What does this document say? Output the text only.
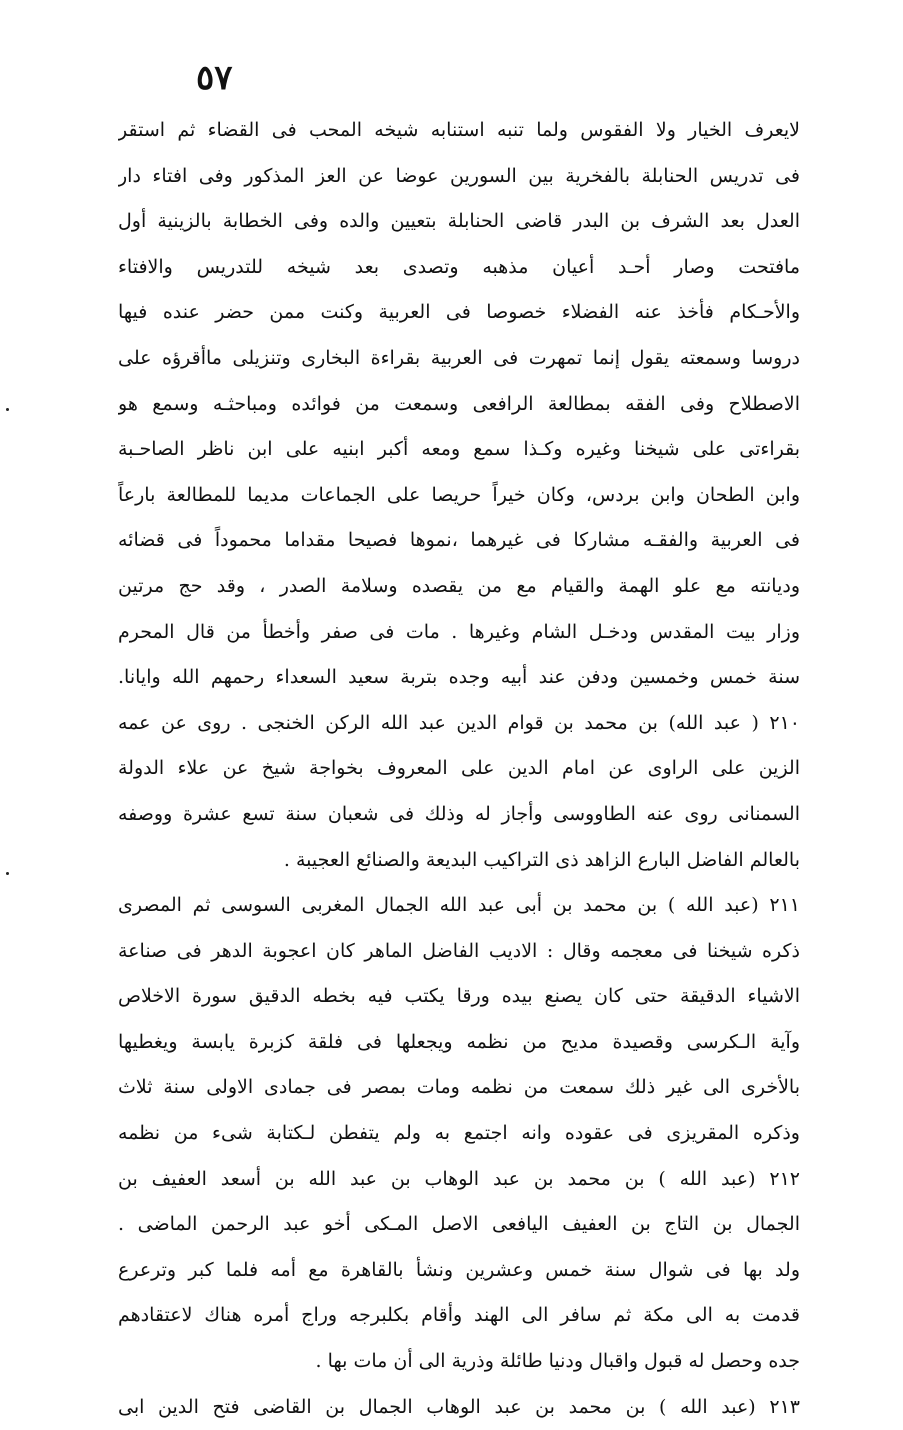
٥٧
لايعرف الخيار ولا الفقوس ولما تنبه استنابه شيخه المحب فى القضاء ثم استقر
فى تدريس الحنابلة بالفخرية بين السورين عوضا عن العز المذكور وفى افتاء دار
العدل بعد الشرف بن البدر قاضى الحنابلة بتعيين والده وفى الخطابة بالزينية أول
مافتحت وصار أحـد أعيان مذهبه وتصدى بعد شيخه للتدريس والافتاء
والأحـكام فأخذ عنه الفضلاء خصوصا فى العربية وكنت ممن حضر عنده فيها
دروسا وسمعته يقول إنما تمهرت فى العربية بقراءة البخارى وتنزيلى ماأقرؤه على
الاصطلاح وفى الفقه بمطالعة الرافعى وسمعت من فوائده ومباحثـه وسمع هو
بقراءتى على شيخنا وغيره وكـذا سمع ومعه أكبر ابنيه على ابن ناظر الصاحـبة
وابن الطحان وابن بردس، وكان خيراً حريصا على الجماعات مديما للمطالعة بارعاً
فى العربية والفقـه مشاركا فى غيرهما ،نموها فصيحا مقداما محموداً فى قضائه
وديانته مع علو الهمة والقيام مع من يقصده وسلامة الصدر ، وقد حج مرتين
وزار بيت المقدس ودخـل الشام وغيرها . مات فى صفر وأخطأ من قال المحرم
سنة خمس وخمسين ودفن عند أبيه وجده بتربة سعيد السعداء رحمهم الله وايانا.
٢١٠ ( عبد الله) بن محمد بن قوام الدين عبد الله الركن الخنجى . روى عن عمه
الزين على الراوى عن امام الدين على المعروف بخواجة شيخ عن علاء الدولة
السمنانى روى عنه الطاووسى وأجاز له وذلك فى شعبان سنة تسع عشرة ووصفه
بالعالم الفاضل البارع الزاهد ذى التراكيب البديعة والصنائع العجيبة .
٢١١ (عبد الله ) بن محمد بن أبى عبد الله الجمال المغربى السوسى ثم المصرى
ذكره شيخنا فى معجمه وقال : الاديب الفاضل الماهر كان اعجوبة الدهر فى صناعة
الاشياء الدقيقة حتى كان يصنع بيده ورقا يكتب فيه بخطه الدقيق سورة الاخلاص
وآية الـكرسى وقصيدة مديح من نظمه ويجعلها فى فلقة كزبرة يابسة ويغطيها
بالأخرى الى غير ذلك سمعت من نظمه ومات بمصر فى جمادى الاولى سنة ثلاث
وذكره المقريزى فى عقوده وانه اجتمع به ولم يتفطن لـكتابة شىء من نظمه
٢١٢ (عبد الله ) بن محمد بن عبد الوهاب بن عبد الله بن أسعد العفيف بن
الجمال بن التاج بن العفيف اليافعى الاصل المـكى أخو عبد الرحمن الماضى .
ولد بها فى شوال سنة خمس وعشرين ونشأ بالقاهرة مع أمه فلما كبر وترعرع
قدمت به الى مكة ثم سافر الى الهند وأقام بكلبرجه وراج أمره هناك لاعتقادهم
جده وحصل له قبول واقبال ودنيا طائلة وذرية الى أن مات بها .
٢١٣ (عبد الله ) بن محمد بن عبد الوهاب الجمال بن القاضى فتح الدين ابى
